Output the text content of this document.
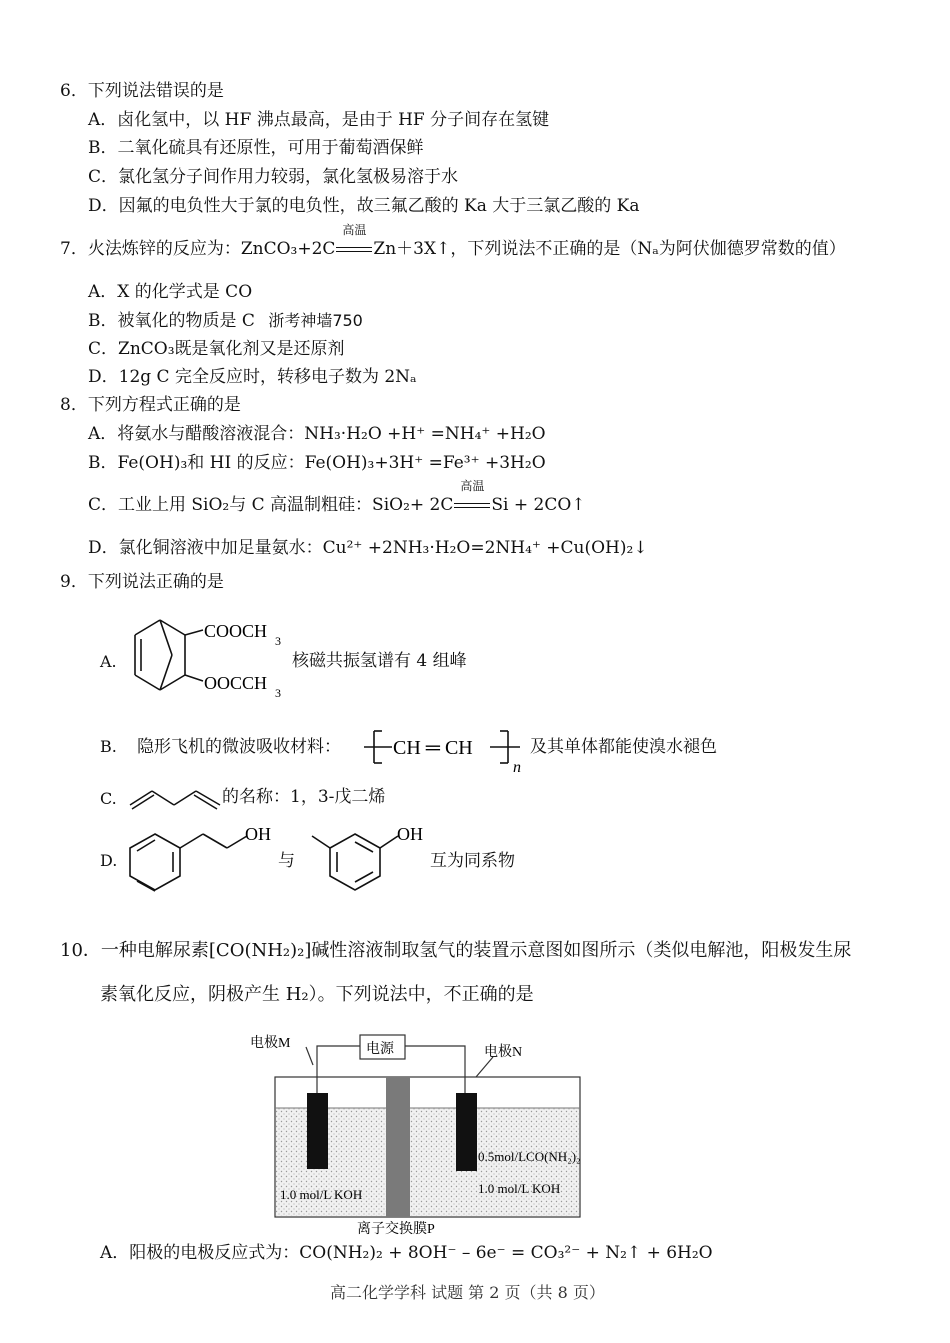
6．下列说法错误的是
A．卤化氢中，以 HF 沸点最高，是由于 HF 分子间存在氢键
B．二氧化硫具有还原性，可用于葡萄酒保鲜
C．氯化氢分子间作用力较弱，氯化氢极易溶于水
D．因氟的电负性大于氯的电负性，故三氟乙酸的 Ka 大于三氯乙酸的 Ka
7．火法炼锌的反应为：ZnCO₃+2C
高温
Zn＋3X↑，下列说法不正确的是（Nₐ为阿伏伽德罗常数的值）
A．X 的化学式是 CO
B．被氧化的物质是 C 浙考神墙750
C．ZnCO₃既是氧化剂又是还原剂
D．12g C 完全反应时，转移电子数为 2Nₐ
8．下列方程式正确的是
A．将氨水与醋酸溶液混合：NH₃·H₂O +H⁺ =NH₄⁺ +H₂O
B．Fe(OH)₃和 HI 的反应：Fe(OH)₃+3H⁺ =Fe³⁺ +3H₂O
C．工业上用 SiO₂与 C 高温制粗硅：SiO₂+ 2C
高温
Si + 2CO↑
D．氯化铜溶液中加足量氨水：Cu²⁺ +2NH₃·H₂O=2NH₄⁺ +Cu(OH)₂↓
9．下列说法正确的是
A.
COOCH 3
OOCCH 3
核磁共振氢谱有 4 组峰
B. 隐形飞机的微波吸收材料：	CH ═ CH
n
及其单体都能使溴水褪色
C.	的名称：1，3-戊二烯
D.
OH
与
OH
互为同系物
10．一种电解尿素[CO(NH₂)₂]碱性溶液制取氢气的装置示意图如图所示（类似电解池，阳极发生尿
素氧化反应，阴极产生 H₂）。下列说法中，不正确的是
电源
电极M
电极N
0.5mol/LCO(NH₂)₂
1.0 mol/L KOH	1.0 mol/L KOH
离子交换膜P
A．阳极的电极反应式为：CO(NH₂)₂ + 8OH⁻ – 6e⁻ = CO₃²⁻ + N₂↑ + 6H₂O
高二化学学科 试题 第 2 页（共 8 页）
